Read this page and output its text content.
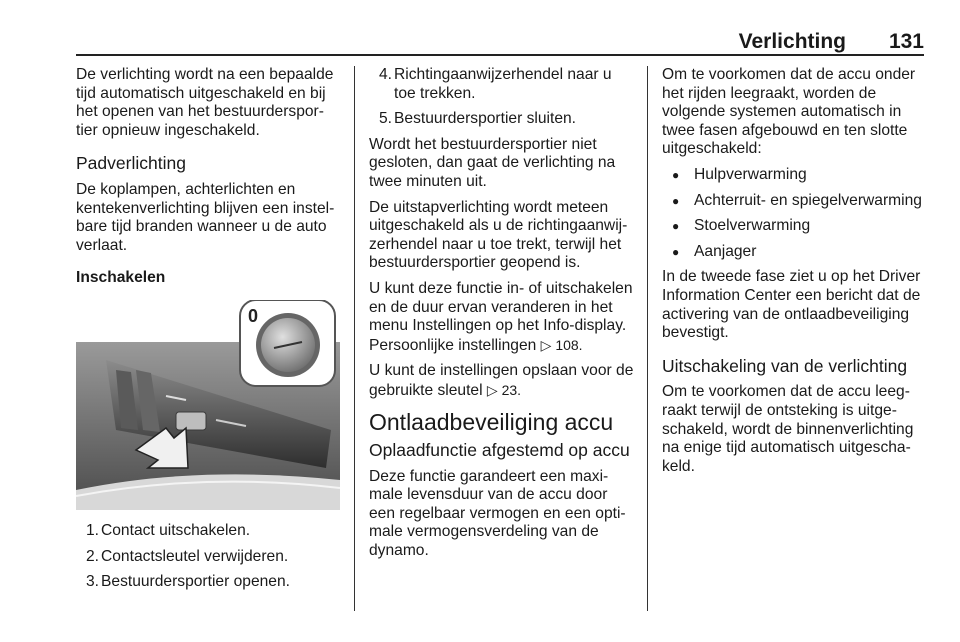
Verlichting 131

De verlichting wordt na een bepaalde tijd automatisch uitgeschakeld en bij het openen van het bestuurderspor-tier opnieuw ingeschakeld.

Padverlichting

De koplampen, achterlichten en kentekenverlichting blijven een instel-bare tijd branden wanneer u de auto verlaat.

Inschakelen
0
1. Contact uitschakelen.
2. Contactsleutel verwijderen.
3. Bestuurdersportier openen.
4. Richtingaanwijzerhendel naar u toe trekken.
5. Bestuurdersportier sluiten.

Wordt het bestuurdersportier niet gesloten, dan gaat de verlichting na twee minuten uit.

De uitstapverlichting wordt meteen uitgeschakeld als u de richtingaanwij-zerhendel naar u toe trekt, terwijl het bestuurdersportier geopend is.

U kunt deze functie in- of uitschakelen en de duur ervan veranderen in het menu Instellingen op het Info-display. Persoonlijke instellingen ▷ 108.

U kunt de instellingen opslaan voor de gebruikte sleutel ▷ 23.

Ontlaadbeveiliging accu
Oplaadfunctie afgestemd op accu

Deze functie garandeert een maxi-male levensduur van de accu door een regelbaar vermogen en een opti-male vermogensverdeling van de dynamo.

Om te voorkomen dat de accu onder het rijden leegraakt, worden de volgende systemen automatisch in twee fasen afgebouwd en ten slotte uitgeschakeld:

● Hulpverwarming
● Achterruit- en spiegelverwarming
● Stoelverwarming
● Aanjager

In de tweede fase ziet u op het Driver Information Center een bericht dat de activering van de ontlaadbeveiliging bevestigt.

Uitschakeling van de verlichting

Om te voorkomen dat de accu leeg-raakt terwijl de ontsteking is uitge-schakeld, wordt de binnenverlichting na enige tijd automatisch uitgescha-keld.
